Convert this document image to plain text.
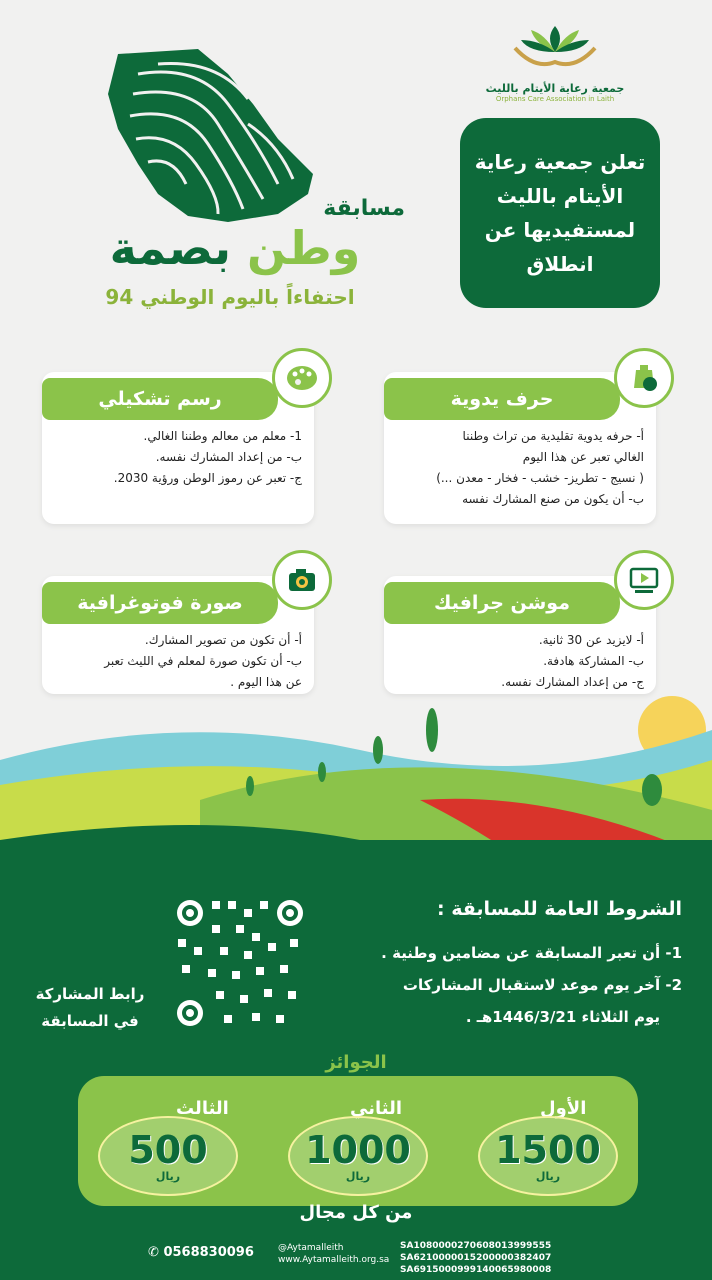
مسابقة
وطن بصمة
احتفاءاً باليوم الوطني 94
جمعية رعاية الأيتام بالليث
Orphans Care Association in Laith
تعلن جمعية رعاية الأيتام بالليث لمستفيديها عن انطلاق
رسم تشكيلي
1- معلم من معالم وطننا الغالي.
ب- من إعداد المشارك نفسه.
ج- تعبر عن رموز الوطن ورؤية 2030.
حرف يدوية
أ- حرفه يدوية تقليدية من تراث وطننا
الغالي تعبر عن هذا اليوم
( نسيج - تطريز- خشب - فخار - معدن ...)
ب- أن يكون من صنع المشارك نفسه
صورة فوتوغرافية
أ- أن تكون من تصوير المشارك.
ب- أن تكون صورة لمعلم في الليث تعبر
عن هذا اليوم .
موشن جرافيك
أ- لايزيد عن 30 ثانية.
ب- المشاركة هادفة.
ج- من إعداد المشارك نفسه.
الشروط العامة للمسابقة :
1- أن تعبر المسابقة عن مضامين وطنية .
2- آخر يوم موعد لاستقبال المشاركات
يوم الثلاثاء 1446/3/21هـ .
رابط المشاركة
في المسابقة
الجوائز
الأول
1500
ريال
الثاني
1000
ريال
الثالث
500
ريال
من كل مجال
✆ 0568830096	@Aytamalleith
www.Aytamalleith.org.sa
SA1080000270608013999555
SA6210000015200000382407
SA6915000999140065980008
